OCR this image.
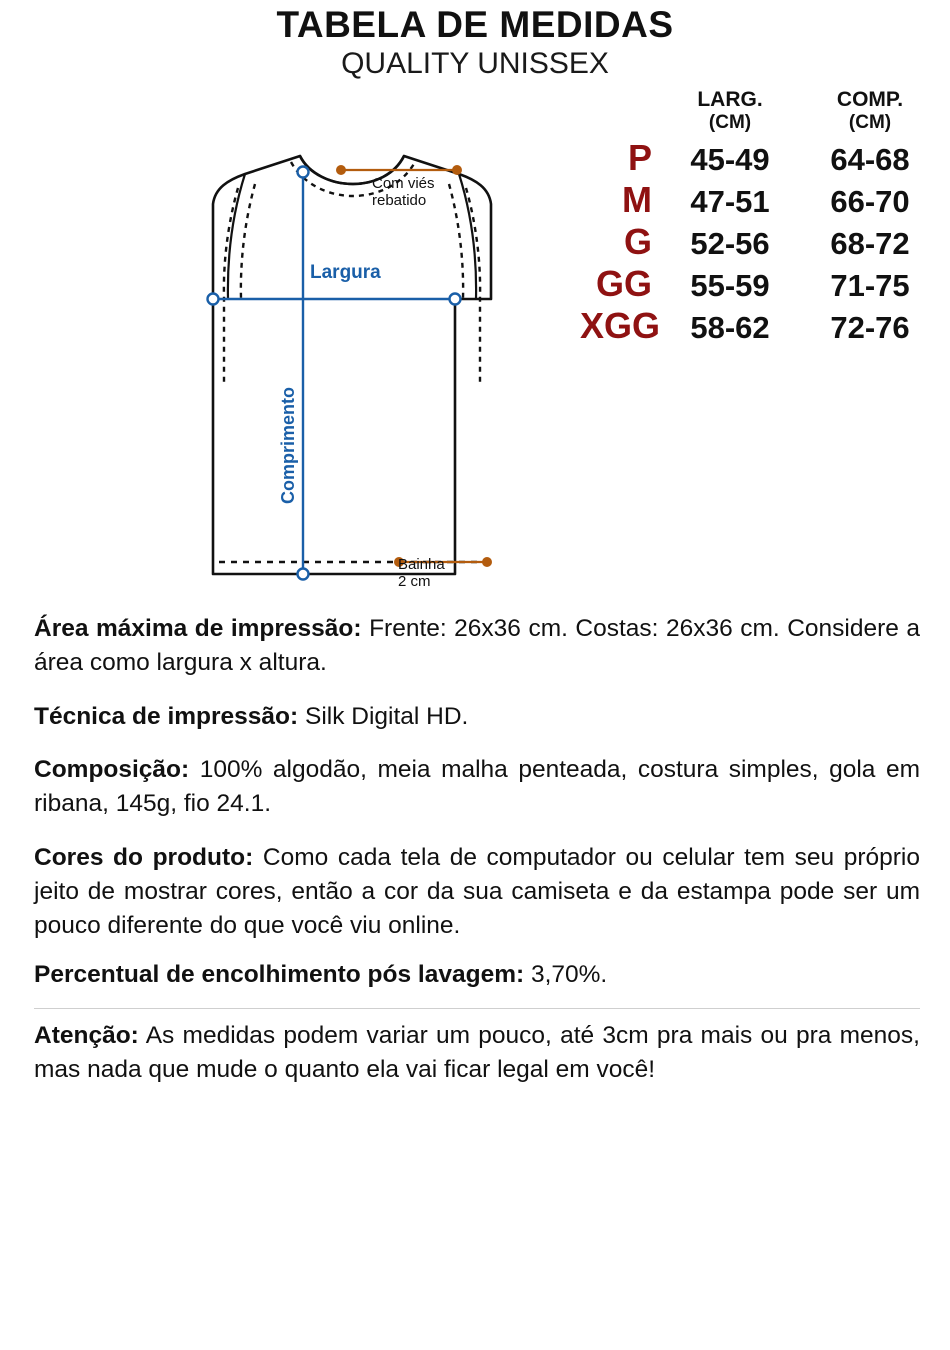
TABELA DE MEDIDAS
QUALITY UNISSEX
Largura
Comprimento
Com viés
rebatido
Bainha
2 cm
LARG.
(CM)
COMP.
(CM)
P	45-49	64-68
M	47-51	66-70
G	52-56	68-72
GG	55-59	71-75
XGG 58-62	72-76

Área máxima de impressão: Frente: 26x36 cm. Costas: 26x36 cm. Considere a área como largura x altura.

Técnica de impressão: Silk Digital HD.

Composição: 100% algodão, meia malha penteada, costura simples, gola em ribana, 145g, fio 24.1.

Cores do produto: Como cada tela de computador ou celular tem seu próprio jeito de mostrar cores, então a cor da sua camiseta e da estampa pode ser um pouco diferente do que você viu online.

Percentual de encolhimento pós lavagem: 3,70%.

Atenção: As medidas podem variar um pouco, até 3cm pra mais ou pra menos, mas nada que mude o quanto ela vai ficar legal em você!
